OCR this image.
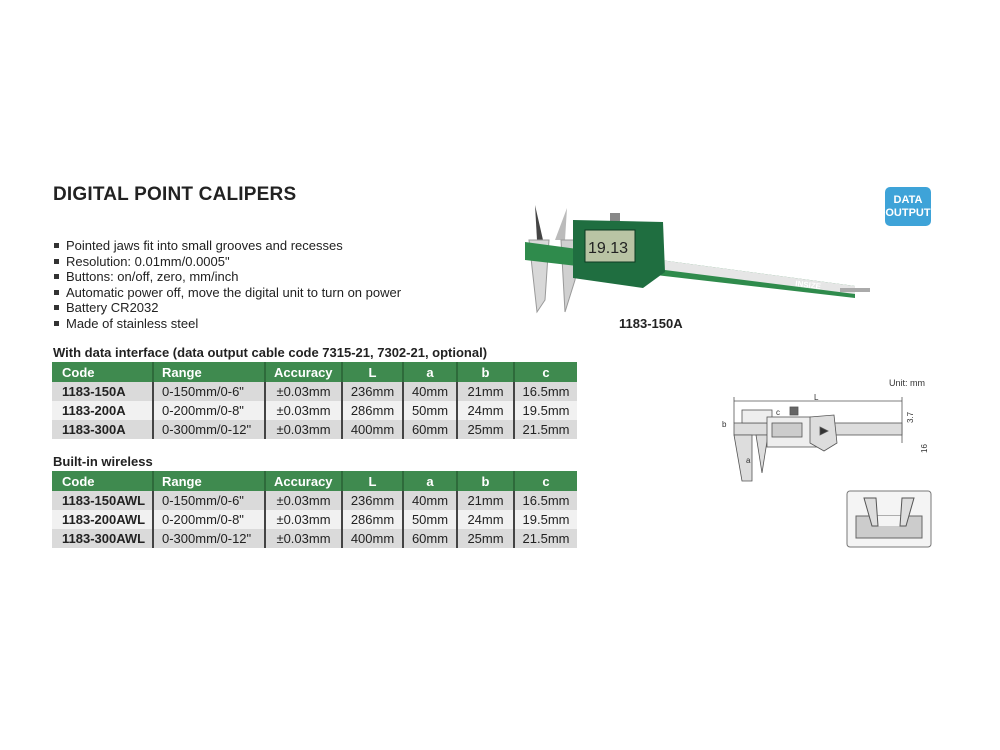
DIGITAL POINT CALIPERS
Pointed jaws fit into small grooves and recesses
Resolution: 0.01mm/0.0005"
Buttons: on/off, zero, mm/inch
Automatic power off, move the digital unit to turn on power
Battery CR2032
Made of stainless steel
DATA
OUTPUT
19.13
INSIZE
1183-150A
With data interface (data output cable code 7315-21, 7302-21, optional)
Code	Range	Accuracy	L	a	b	c
1183-150A	0-150mm/0-6"	±0.03mm	236mm	40mm	21mm	16.5mm
1183-200A	0-200mm/0-8"	±0.03mm	286mm	50mm	24mm	19.5mm
1183-300A	0-300mm/0-12"	±0.03mm	400mm	60mm	25mm	21.5mm
Built-in wireless
Code	Range	Accuracy	L	a	b	c
1183-150AWL	0-150mm/0-6"	±0.03mm	236mm	40mm	21mm	16.5mm
1183-200AWL	0-200mm/0-8"	±0.03mm	286mm	50mm	24mm	19.5mm
1183-300AWL	0-300mm/0-12"	±0.03mm	400mm	60mm	25mm	21.5mm
Unit: mm
L
b
c
a
3.7
16
